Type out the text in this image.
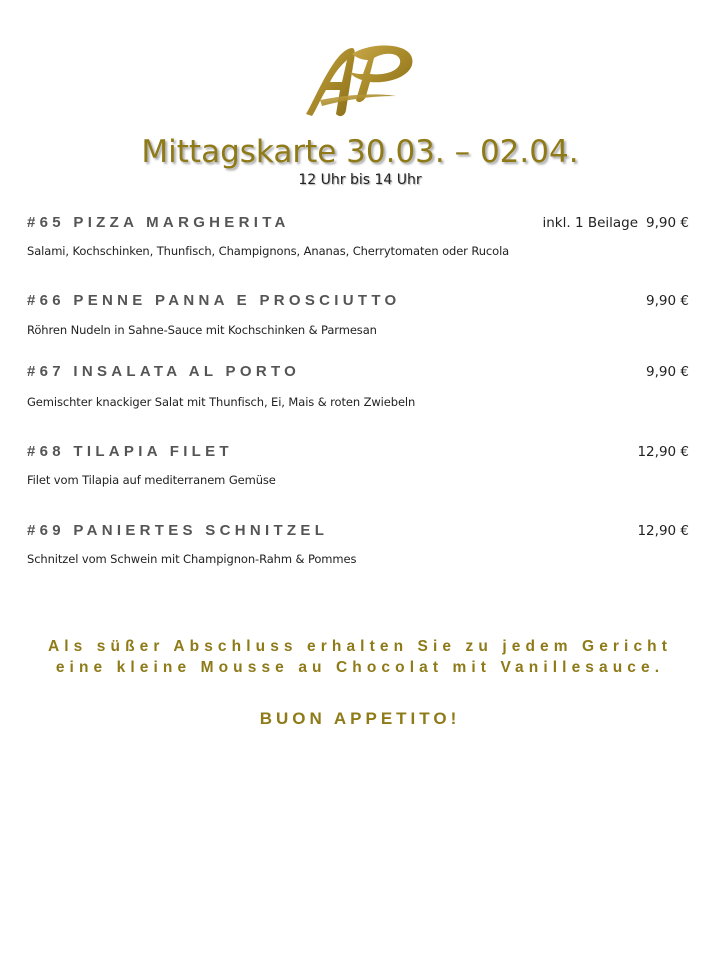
Mittagskarte 30.03. – 02.04.
12 Uhr bis 14 Uhr
#65 PIZZA MARGHERITA	inkl. 1 Beilage 9,90 €
Salami, Kochschinken, Thunfisch, Champignons, Ananas, Cherrytomaten oder Rucola
#66 PENNE PANNA E PROSCIUTTO	9,90 €
Röhren Nudeln in Sahne-Sauce mit Kochschinken & Parmesan
#67 INSALATA AL PORTO	9,90 €
Gemischter knackiger Salat mit Thunfisch, Ei, Mais & roten Zwiebeln
#68 TILAPIA FILET	12,90 €
Filet vom Tilapia auf mediterranem Gemüse
#69 PANIERTES SCHNITZEL	12,90 €
Schnitzel vom Schwein mit Champignon-Rahm & Pommes
Als süßer Abschluss erhalten Sie zu jedem Gericht
eine kleine Mousse au Chocolat mit Vanillesauce.
BUON APPETITO!
